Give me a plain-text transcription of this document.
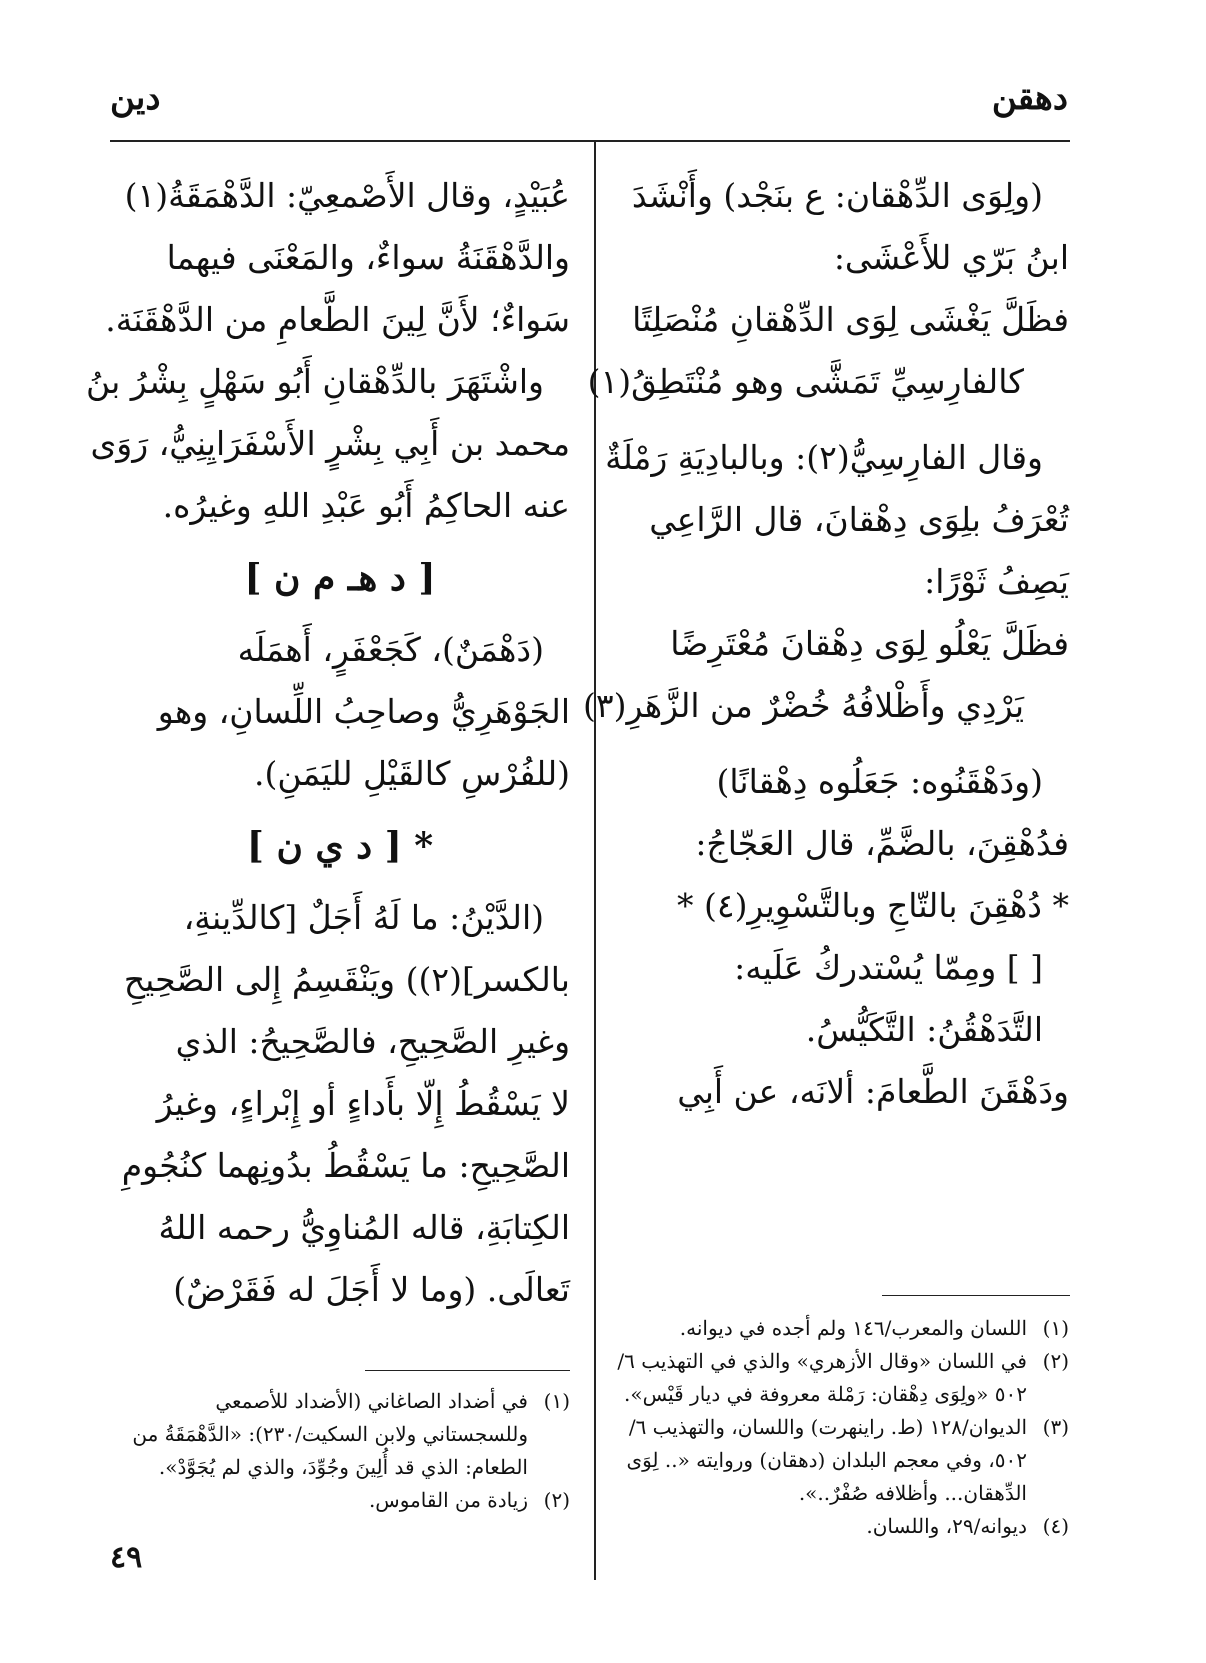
دهقن
دين
(ولِوَى الدِّهْقان: ع بنَجْد) وأَنْشَدَ
ابنُ بَرّي للأَعْشَى:
فظَلَّ يَغْشَى لِوَى الدِّهْقانِ مُنْصَلِتًا
كالفارِسِيِّ تَمَشَّى وهو مُنْتَطِقُ(١)
وقال الفارِسِيُّ(٢): وبالبادِيَةِ رَمْلَةٌ
تُعْرَفُ بلِوَى دِهْقانَ، قال الرَّاعِي
يَصِفُ ثَوْرًا:
فظَلَّ يَعْلُو لِوَى دِهْقانَ مُعْتَرِضًا
يَرْدِي وأَظْلافُهُ خُضْرٌ من الزَّهَرِ(٣)
(ودَهْقَنُوه: جَعَلُوه دِهْقانًا)
فدُهْقِنَ، بالضَّمِّ، قال العَجّاجُ:
* دُهْقِنَ بالتّاجِ وبالتَّسْوِيرِ(٤) *
[ ] ومِمّا يُسْتدركُ عَلَيه:
التَّدَهْقُنُ: التَّكَيُّسُ.
ودَهْقَنَ الطَّعامَ: ألانَه، عن أَبِي
(١)
اللسان والمعرب/١٤٦ ولم أجده في ديوانه.
(٢)
في اللسان «وقال الأزهري» والذي في التهذيب ٦/ ٥٠٢ «ولِوَى دِهْقان: رَمْلة معروفة في ديار قَيْس».
(٣)
الديوان/١٢٨ (ط. راينهرت) واللسان، والتهذيب ٦/ ٥٠٢، وفي معجم البلدان (دهقان) وروايته «.. لِوَى الدِّهقان... وأظلافه صُفْرٌ..».
(٤)
ديوانه/٢٩، واللسان.
عُبَيْدٍ، وقال الأَصْمعِيّ: الدَّهْمَقَةُ(١)
والدَّهْقَنَةُ سواءٌ، والمَعْنَى فيهما
سَواءٌ؛ لأَنَّ لِينَ الطَّعامِ من الدَّهْقَنَة.
واشْتَهَرَ بالدِّهْقانِ أَبُو سَهْلٍ بِشْرُ بنُ
محمد بن أَبِي بِشْرٍ الأَسْفَرَايِنِيُّ، رَوَى
عنه الحاكِمُ أَبُو عَبْدِ اللهِ وغيرُه.
[ د هـ م ن ]
(دَهْمَنٌ)، كَجَعْفَرٍ، أَهمَلَه
الجَوْهَرِيُّ وصاحِبُ اللِّسانِ، وهو
(للفُرْسِ كالقَيْلِ لليَمَنِ).
* [ د ي ن ]
(الدَّيْنُ: ما لَهُ أَجَلٌ [كالدِّينةِ،
بالكسر](٢)) ويَنْقَسِمُ إِلى الصَّحِيحِ
وغيرِ الصَّحِيحِ، فالصَّحِيحُ: الذي
لا يَسْقُطُ إِلّا بأَداءٍ أو إِبْراءٍ، وغيرُ
الصَّحِيحِ: ما يَسْقُطُ بدُونِهما كنُجُومِ
الكِتابَةِ، قاله المُناوِيُّ رحمه اللهُ
تَعالَى. (وما لا أَجَلَ له فَقَرْضٌ)
(١)
في أضداد الصاغاني (الأضداد للأصمعي وللسجستاني ولابن السكيت/٢٣٠): «الدَّهْمَقَةُ من الطعام: الذي قد أُلِينَ وجُوِّدَ، والذي لم يُجَوَّدْ».
(٢)
زيادة من القاموس.
٤٩
